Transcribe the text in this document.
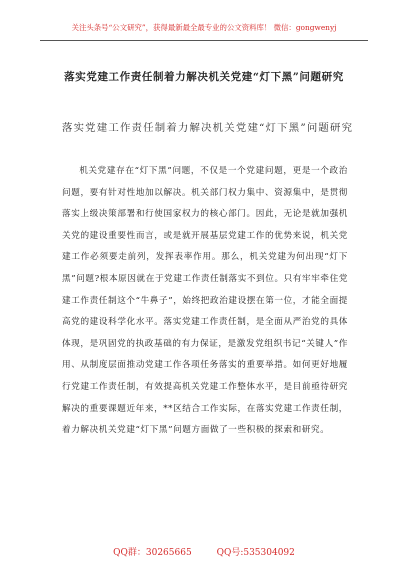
关注头条号“公文研究”，获得最新最全最专业的公文资料库！ 微信：gongwenyj
落实党建工作责任制着力解决机关党建“灯下黑”问题研究
落实党建工作责任制着力解决机关党建“灯下黑”问题研究
机关党建存在“灯下黑”问题，不仅是一个党建问题，更是一个政治问题，要有针对性地加以解决。机关部门权力集中、资源集中，是贯彻落实上级决策部署和行使国家权力的核心部门。因此，无论是就加强机关党的建设重要性而言，或是就开展基层党建工作的优势来说，机关党建工作必须要走前列，发挥表率作用。那么，机关党建为何出现“灯下黑”问题?根本原因就在于党建工作责任制落实不到位。只有牢牢牵住党建工作责任制这个“牛鼻子”，始终把政治建设摆在第一位，才能全面提高党的建设科学化水平。落实党建工作责任制，是全面从严治党的具体体现，是巩固党的执政基础的有力保证，是激发党组织书记“关键人”作用、从制度层面推动党建工作各项任务落实的重要举措。如何更好地履行党建工作责任制，有效提高机关党建工作整体水平，是目前亟待研究解决的重要课题近年来，**区结合工作实际，在落实党建工作责任制，着力解决机关党建“灯下黑”问题方面做了一些积极的探索和研究。
QQ群：30265665	QQ号:535304092
